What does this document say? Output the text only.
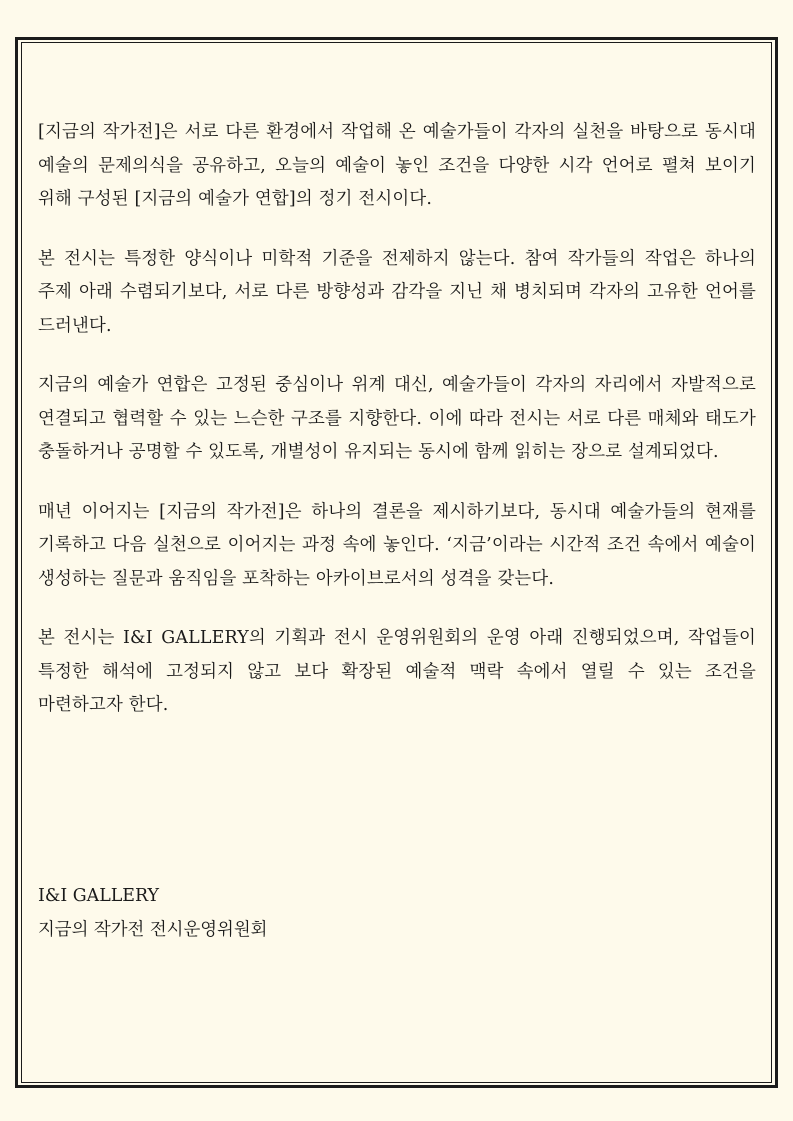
[지금의 작가전]은 서로 다른 환경에서 작업해 온 예술가들이 각자의 실천을 바탕으로 동시대 예술의 문제의식을 공유하고, 오늘의 예술이 놓인 조건을 다양한 시각 언어로 펼쳐 보이기 위해 구성된 [지금의 예술가 연합]의 정기 전시이다.

본 전시는 특정한 양식이나 미학적 기준을 전제하지 않는다. 참여 작가들의 작업은 하나의 주제 아래 수렴되기보다, 서로 다른 방향성과 감각을 지닌 채 병치되며 각자의 고유한 언어를 드러낸다.

지금의 예술가 연합은 고정된 중심이나 위계 대신, 예술가들이 각자의 자리에서 자발적으로 연결되고 협력할 수 있는 느슨한 구조를 지향한다. 이에 따라 전시는 서로 다른 매체와 태도가 충돌하거나 공명할 수 있도록, 개별성이 유지되는 동시에 함께 읽히는 장으로 설계되었다.

매년 이어지는 [지금의 작가전]은 하나의 결론을 제시하기보다, 동시대 예술가들의 현재를 기록하고 다음 실천으로 이어지는 과정 속에 놓인다. ‘지금’이라는 시간적 조건 속에서 예술이 생성하는 질문과 움직임을 포착하는 아카이브로서의 성격을 갖는다.

본 전시는 I&I GALLERY의 기획과 전시 운영위원회의 운영 아래 진행되었으며, 작업들이 특정한 해석에 고정되지 않고 보다 확장된 예술적 맥락 속에서 열릴 수 있는 조건을 마련하고자 한다.

I&I GALLERY
지금의 작가전 전시운영위원회
